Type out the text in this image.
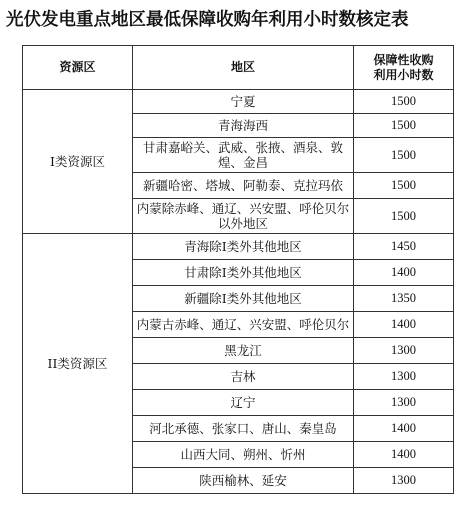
光伏发电重点地区最低保障收购年利用小时数核定表
资源区	地区	保障性收购利用小时数
I类资源区	宁夏	1500
	青海海西	1500
	甘肃嘉峪关、武威、张掖、酒泉、敦煌、金昌	1500
	新疆哈密、塔城、阿勒泰、克拉玛依	1500
	内蒙除赤峰、通辽、兴安盟、呼伦贝尔以外地区	1500
II类资源区	青海除I类外其他地区	1450
	甘肃除I类外其他地区	1400
	新疆除I类外其他地区	1350
	内蒙古赤峰、通辽、兴安盟、呼伦贝尔	1400
	黑龙江	1300
	吉林	1300
	辽宁	1300
	河北承德、张家口、唐山、秦皇岛	1400
	山西大同、朔州、忻州	1400
	陕西榆林、延安	1300
